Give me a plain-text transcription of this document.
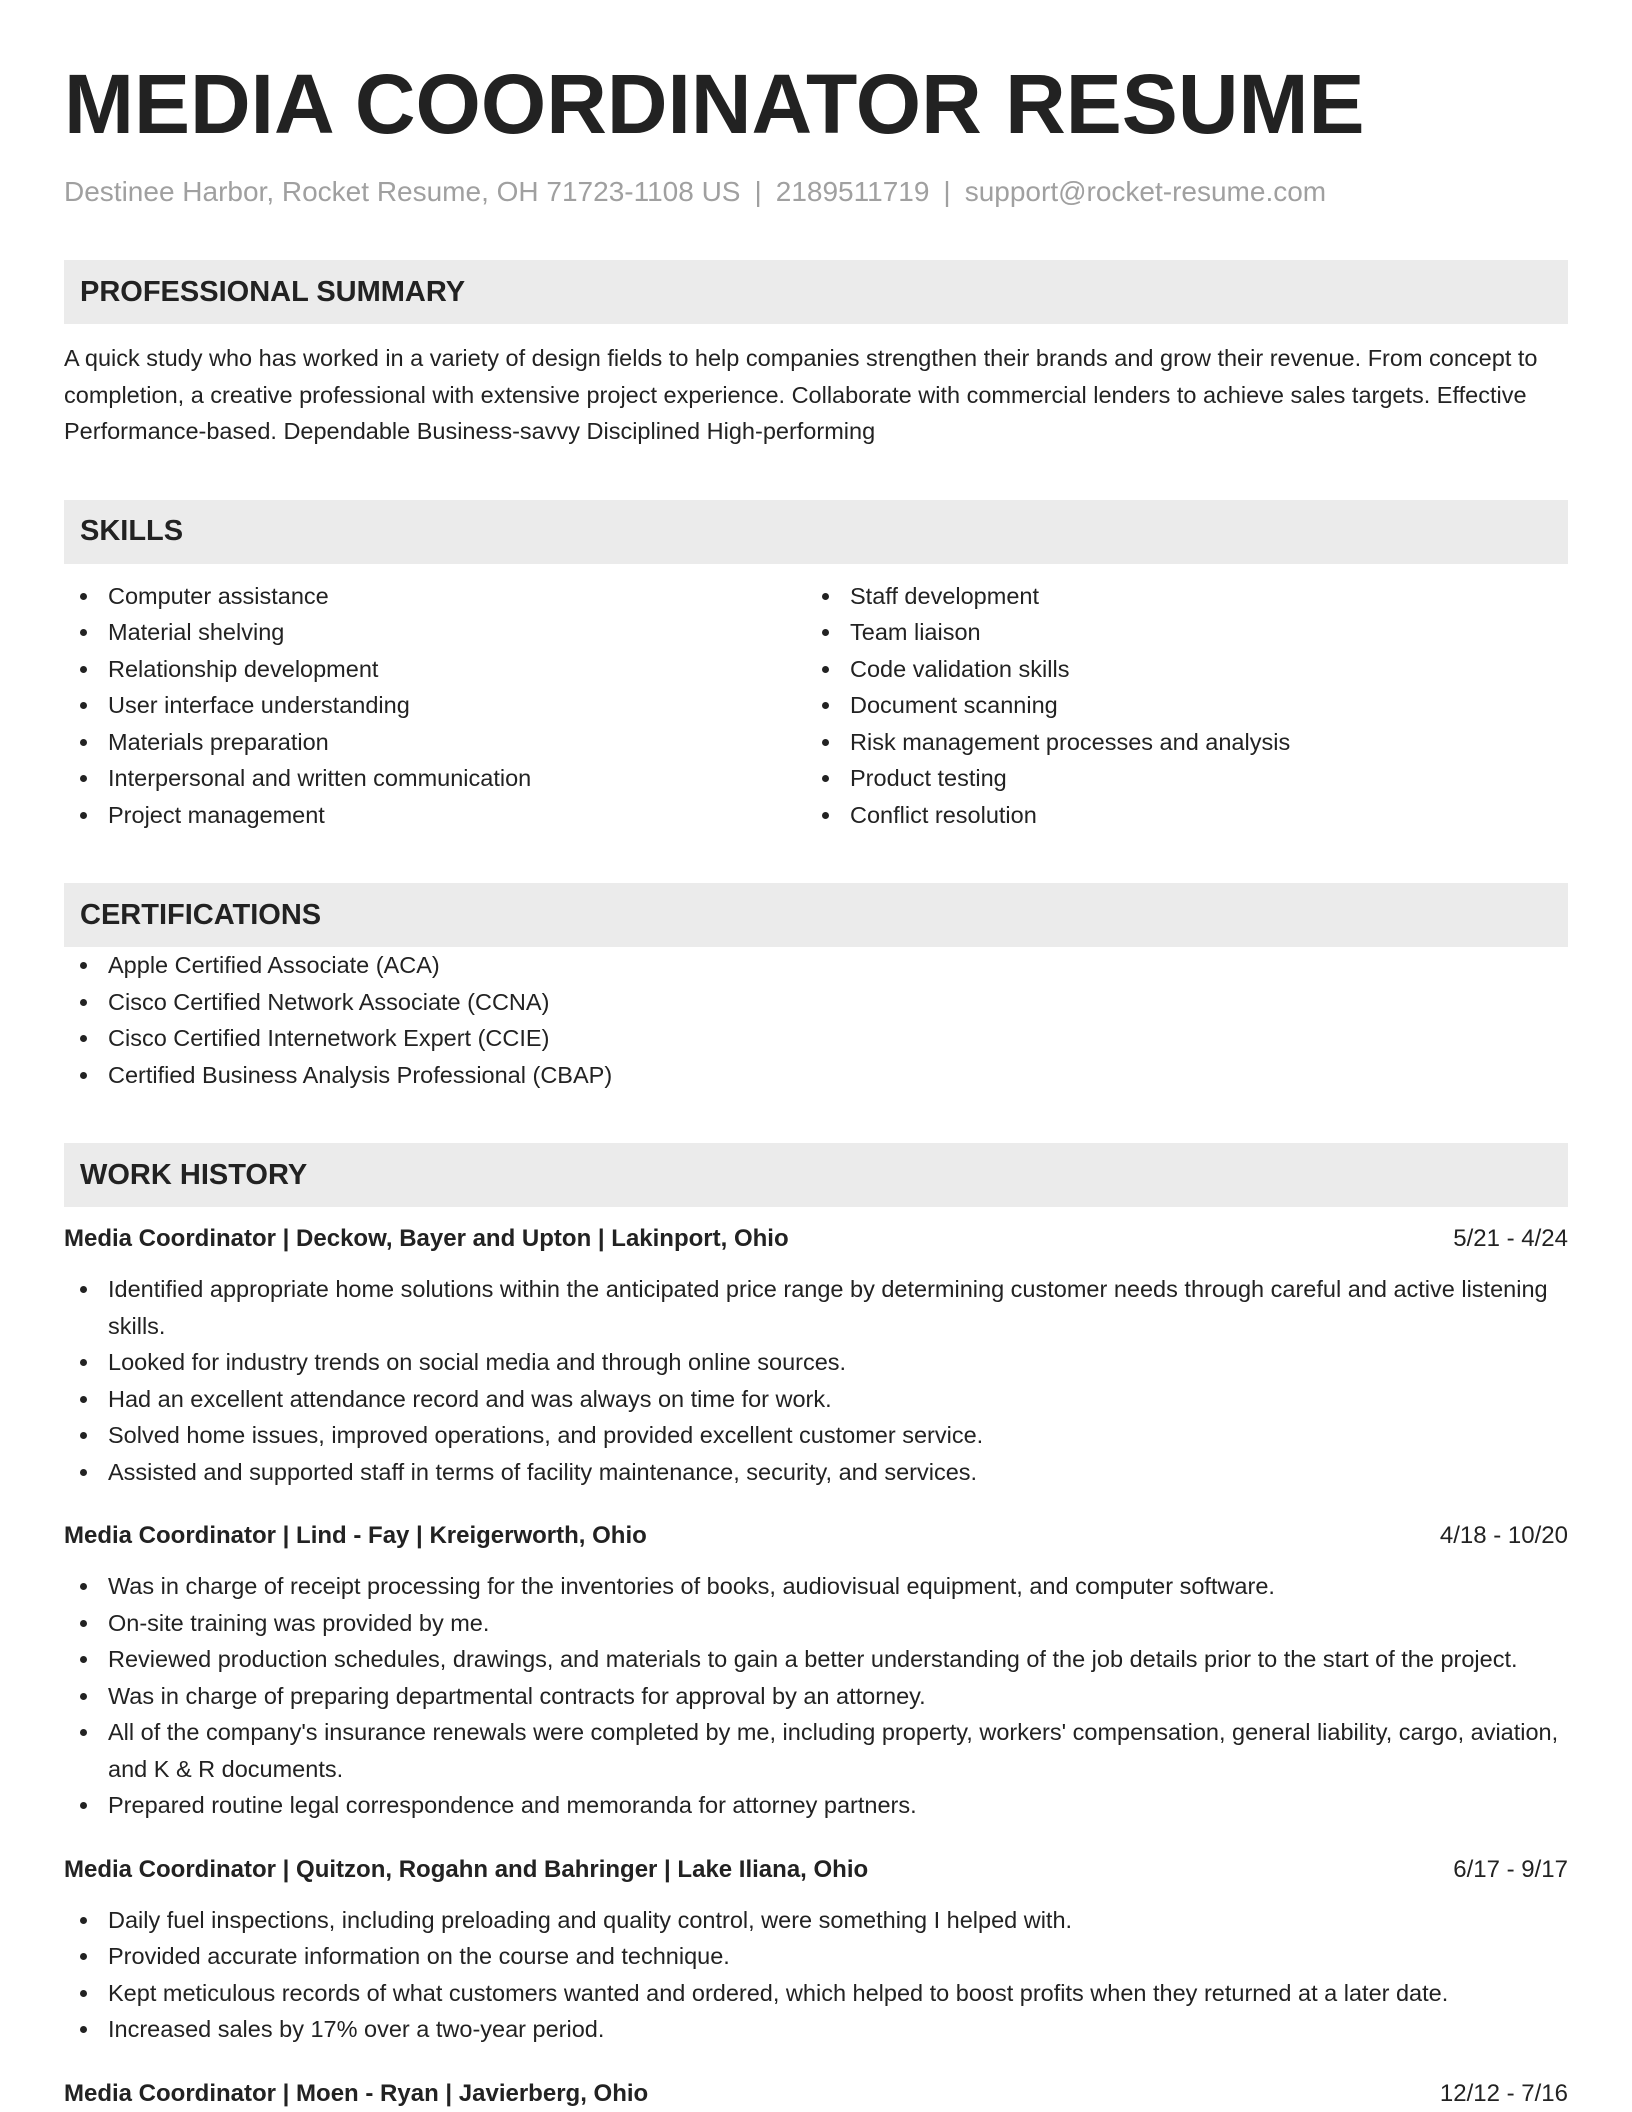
MEDIA COORDINATOR RESUME
Destinee Harbor, Rocket Resume, OH 71723-1108 US | 2189511719 | support@rocket-resume.com
PROFESSIONAL SUMMARY
A quick study who has worked in a variety of design fields to help companies strengthen their brands and grow their revenue. From concept to completion, a creative professional with extensive project experience. Collaborate with commercial lenders to achieve sales targets. Effective Performance-based. Dependable Business-savvy Disciplined High-performing
SKILLS
Computer assistance
Material shelving
Relationship development
User interface understanding
Materials preparation
Interpersonal and written communication
Project management
Staff development
Team liaison
Code validation skills
Document scanning
Risk management processes and analysis
Product testing
Conflict resolution
CERTIFICATIONS
Apple Certified Associate (ACA)
Cisco Certified Network Associate (CCNA)
Cisco Certified Internetwork Expert (CCIE)
Certified Business Analysis Professional (CBAP)
WORK HISTORY
Media Coordinator | Deckow, Bayer and Upton | Lakinport, Ohio	5/21 - 4/24
Identified appropriate home solutions within the anticipated price range by determining customer needs through careful and active listening skills.
Looked for industry trends on social media and through online sources.
Had an excellent attendance record and was always on time for work.
Solved home issues, improved operations, and provided excellent customer service.
Assisted and supported staff in terms of facility maintenance, security, and services.
Media Coordinator | Lind - Fay | Kreigerworth, Ohio	4/18 - 10/20
Was in charge of receipt processing for the inventories of books, audiovisual equipment, and computer software.
On-site training was provided by me.
Reviewed production schedules, drawings, and materials to gain a better understanding of the job details prior to the start of the project.
Was in charge of preparing departmental contracts for approval by an attorney.
All of the company's insurance renewals were completed by me, including property, workers' compensation, general liability, cargo, aviation, and K & R documents.
Prepared routine legal correspondence and memoranda for attorney partners.
Media Coordinator | Quitzon, Rogahn and Bahringer | Lake Iliana, Ohio	6/17 - 9/17
Daily fuel inspections, including preloading and quality control, were something I helped with.
Provided accurate information on the course and technique.
Kept meticulous records of what customers wanted and ordered, which helped to boost profits when they returned at a later date.
Increased sales by 17% over a two-year period.
Media Coordinator | Moen - Ryan | Javierberg, Ohio	12/12 - 7/16
